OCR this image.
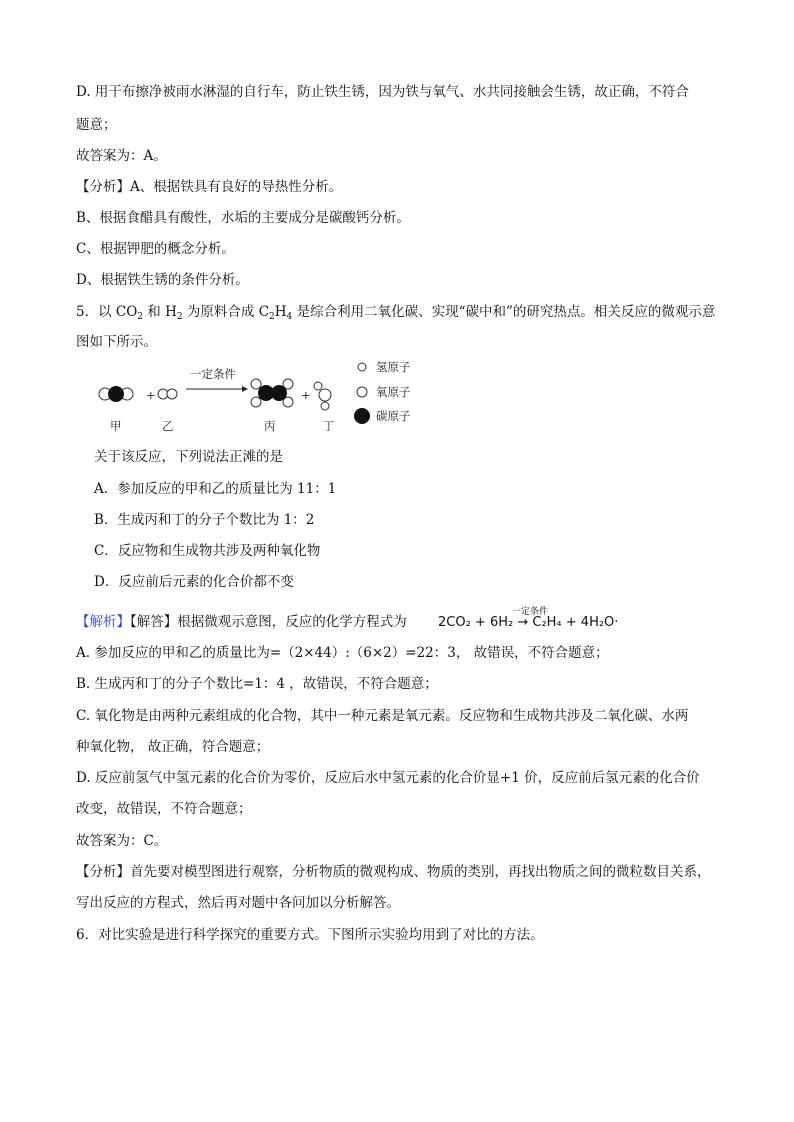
D. 用干布擦净被雨水淋湿的自行车，防止铁生锈，因为铁与氧气、水共同接触会生锈，故正确，不符合
题意；
故答案为：A。
【分析】A、根据铁具有良好的导热性分析。
B、根据食醋具有酸性，水垢的主要成分是碳酸钙分析。
C、根据钾肥的概念分析。
D、根据铁生锈的条件分析。
5．以 $CO_2$ 和 $H_2$ 为原料合成 $C_2H_4$ 是综合利用二氧化碳、实现“碳中和”的研究热点。相关反应的微观示意
图如下所示。
+
一定条件
+
甲	乙	丙	丁
氢原子
氧原子
碳原子
关于该反应，下列说法正滩的是
A．参加反应的甲和乙的质量比为 11：1
B．生成丙和丁的分子个数比为 1：2
C．反应物和生成物共涉及两种氧化物
D．反应前后元素的化合价都不变
【解析】【解答】根据微观示意图，反应的化学方程式为
一定条件
2CO₂ + 6H₂ → C₂H₄ + 4H₂O·
A. 参加反应的甲和乙的质量比为=（2×44）:（6×2）=22：3， 故错误，不符合题意；
B. 生成丙和丁的分子个数比=1：4 ，故错误，不符合题意；
C. 氧化物是由两种元素组成的化合物，其中一种元素是氧元素。反应物和生成物共涉及二氧化碳、水两
种氧化物， 故正确，符合题意；
D. 反应前氢气中氢元素的化合价为零价，反应后水中氢元素的化合价显+1 价，反应前后氢元素的化合价
改变，故错误，不符合题意；
故答案为：C。
【分析】首先要对模型图进行观察，分析物质的微观构成、物质的类别，再找出物质之间的微粒数目关系，
写出反应的方程式，然后再对题中各问加以分析解答。
6．对比实验是进行科学探究的重要方式。下图所示实验均用到了对比的方法。
